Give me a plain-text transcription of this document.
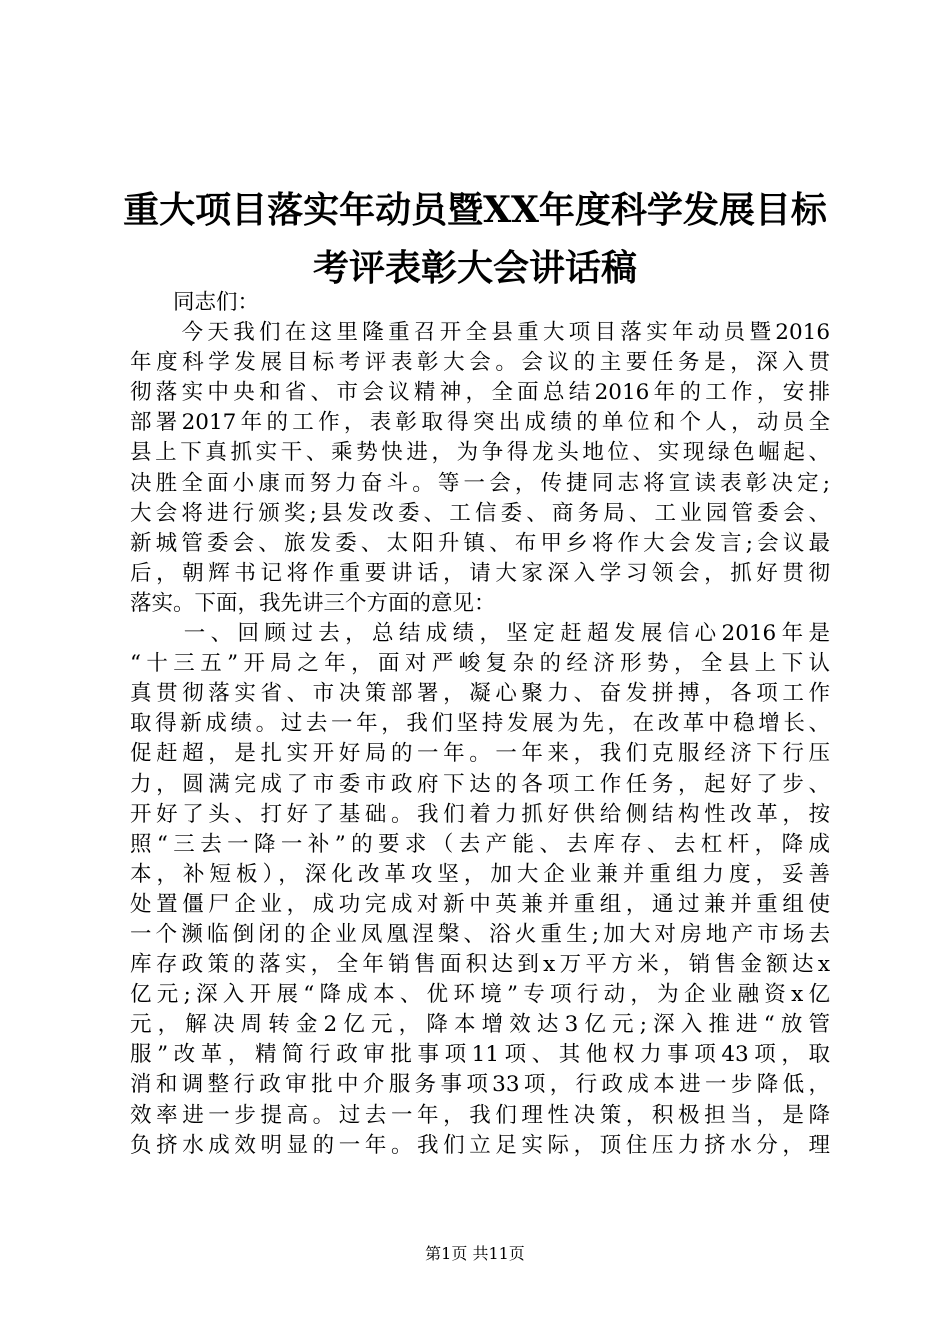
重大项目落实年动员暨XX年度科学发展目标
考评表彰大会讲话稿
　　同志们：
　　今天我们在这里隆重召开全县重大项目落实年动员暨2016
年度科学发展目标考评表彰大会。会议的主要任务是，深入贯
彻落实中央和省、市会议精神，全面总结2016年的工作，安排
部署2017年的工作，表彰取得突出成绩的单位和个人，动员全
县上下真抓实干、乘势快进，为争得龙头地位、实现绿色崛起、
决胜全面小康而努力奋斗。等一会，传捷同志将宣读表彰决定;
大会将进行颁奖;县发改委、工信委、商务局、工业园管委会、
新城管委会、旅发委、太阳升镇、布甲乡将作大会发言;会议最
后，朝辉书记将作重要讲话，请大家深入学习领会，抓好贯彻
落实。下面，我先讲三个方面的意见：
　　一、回顾过去，总结成绩，坚定赶超发展信心2016年是
“十三五”开局之年，面对严峻复杂的经济形势，全县上下认
真贯彻落实省、市决策部署，凝心聚力、奋发拼搏，各项工作
取得新成绩。过去一年，我们坚持发展为先，在改革中稳增长、
促赶超，是扎实开好局的一年。一年来，我们克服经济下行压
力，圆满完成了市委市政府下达的各项工作任务，起好了步、
开好了头、打好了基础。我们着力抓好供给侧结构性改革，按
照“三去一降一补”的要求（去产能、去库存、去杠杆，降成
本，补短板），深化改革攻坚，加大企业兼并重组力度，妥善
处置僵尸企业，成功完成对新中英兼并重组，通过兼并重组使
一个濒临倒闭的企业凤凰涅槃、浴火重生;加大对房地产市场去
库存政策的落实，全年销售面积达到x万平方米，销售金额达x
亿元;深入开展“降成本、优环境”专项行动，为企业融资x亿
元，解决周转金2亿元，降本增效达3亿元;深入推进“放管
服”改革，精简行政审批事项11项、其他权力事项43项，取
消和调整行政审批中介服务事项33项，行政成本进一步降低，
效率进一步提高。过去一年，我们理性决策，积极担当，是降
负挤水成效明显的一年。我们立足实际，顶住压力挤水分，理
第1页 共11页
